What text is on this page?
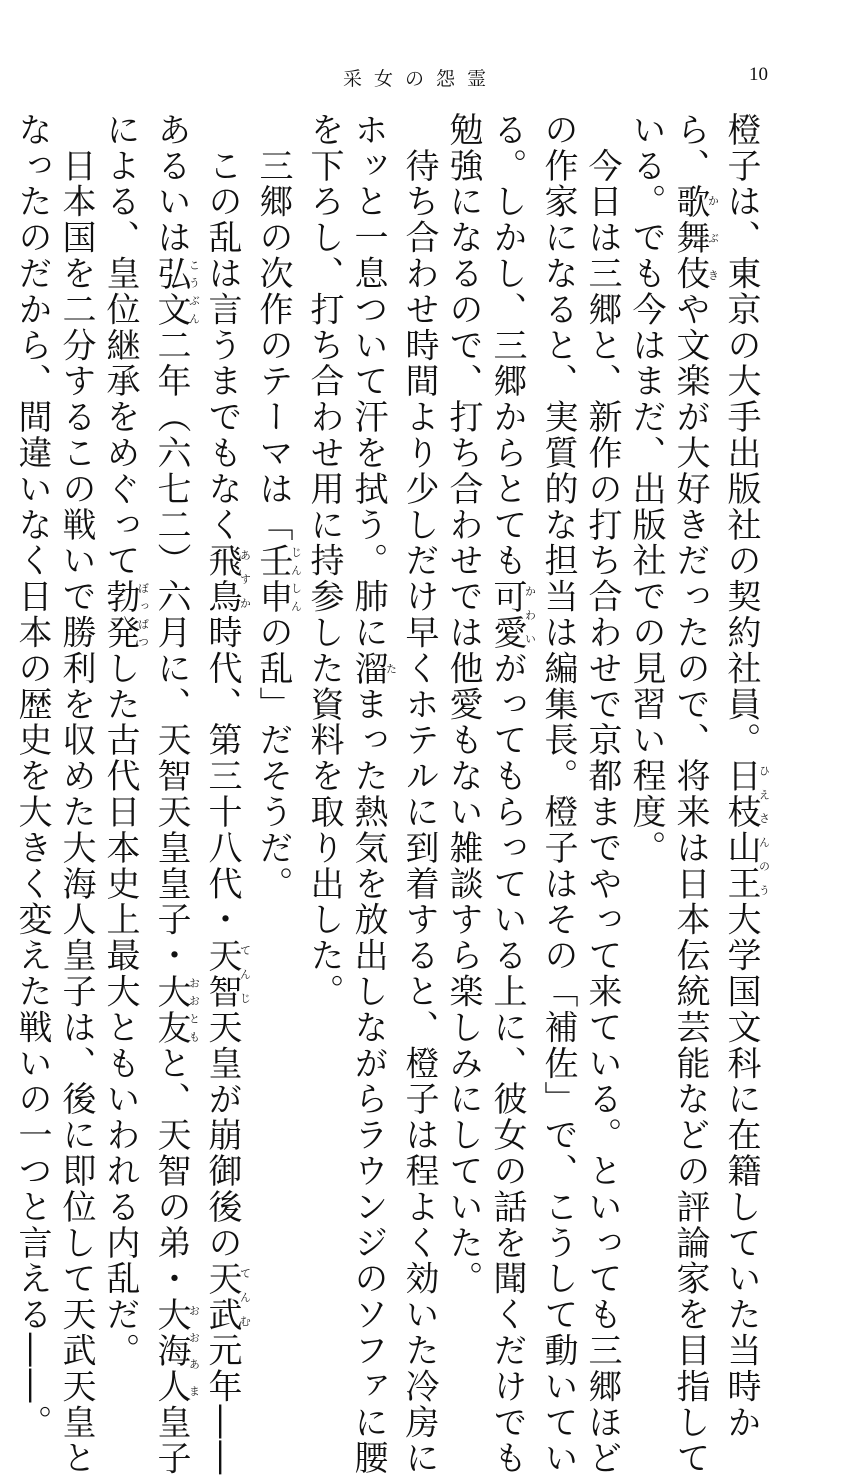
采女の怨霊	10
橙子は、東京の大手出版社の契約社員。日枝山王ひえさんのう大学国文科に在籍していた当時か
ら、歌舞伎かぶきや文楽が大好きだったので、将来は日本伝統芸能などの評論家を目指して
いる。でも今はまだ、出版社での見習い程度。
　今日は三郷と、新作の打ち合わせで京都までやって来ている。といっても三郷ほど
の作家になると、実質的な担当は編集長。橙子はその「補佐」で、こうして動いてい
る。しかし、三郷からとても可愛かわいがってもらっている上に、彼女の話を聞くだけでも
勉強になるので、打ち合わせでは他愛もない雑談すら楽しみにしていた。
　待ち合わせ時間より少しだけ早くホテルに到着すると、橙子は程よく効いた冷房に
ホッと一息ついて汗を拭う。肺に溜たまった熱気を放出しながらラウンジのソファに腰
を下ろし、打ち合わせ用に持参した資料を取り出した。
　三郷の次作のテーマは「壬申じんしんの乱」だそうだ。
　この乱は言うまでもなく飛鳥あすか時代、第三十八代・天智てんじ天皇が崩御後の天武てんむ元年――
あるいは弘文こうぶん二年（六七二）六月に、天智天皇皇子・大友おおともと、天智の弟・大海人おおあま皇子
による、皇位継承をめぐって勃発ぼっぱつした古代日本史上最大ともいわれる内乱だ。
　日本国を二分するこの戦いで勝利を収めた大海人皇子は、後に即位して天武天皇と
なったのだから、間違いなく日本の歴史を大きく変えた戦いの一つと言える――。
